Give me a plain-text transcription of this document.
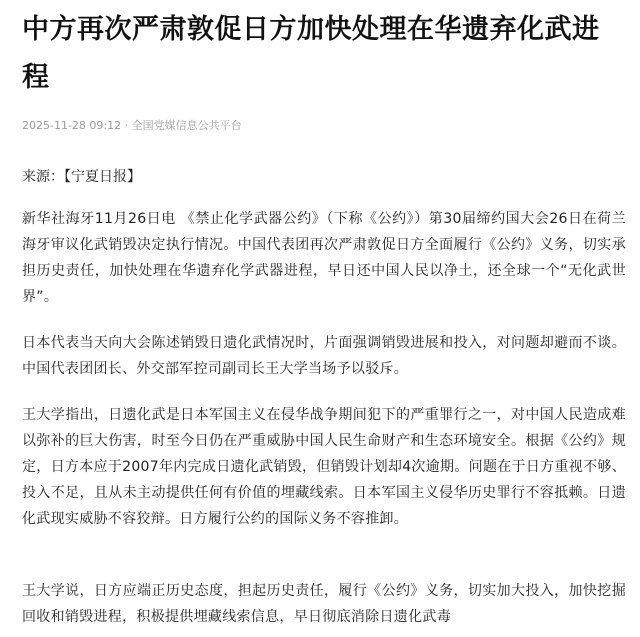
中方再次严肃敦促日方加快处理在华遗弃化武进程
2025-11-28 09:12 · 全国党媒信息公共平台
来源：【宁夏日报】

新华社海牙11月26日电 《禁止化学武器公约》（下称《公约》）第30届缔约国大会26日在荷兰海牙审议化武销毁决定执行情况。中国代表团再次严肃敦促日方全面履行《公约》义务，切实承担历史责任，加快处理在华遗弃化学武器进程，早日还中国人民以净土，还全球一个“无化武世界”。

日本代表当天向大会陈述销毁日遗化武情况时，片面强调销毁进展和投入，对问题却避而不谈。中国代表团团长、外交部军控司副司长王大学当场予以驳斥。

王大学指出，日遗化武是日本军国主义在侵华战争期间犯下的严重罪行之一，对中国人民造成难以弥补的巨大伤害，时至今日仍在严重威胁中国人民生命财产和生态环境安全。根据《公约》规定，日方本应于2007年内完成日遗化武销毁，但销毁计划却4次逾期。问题在于日方重视不够、投入不足，且从未主动提供任何有价值的埋藏线索。日本军国主义侵华历史罪行不容抵赖。日遗化武现实威胁不容狡辩。日方履行公约的国际义务不容推卸。

王大学说，日方应端正历史态度，担起历史责任，履行《公约》义务，切实加大投入，加快挖掘回收和销毁进程，积极提供埋藏线索信息，早日彻底消除日遗化武毒
